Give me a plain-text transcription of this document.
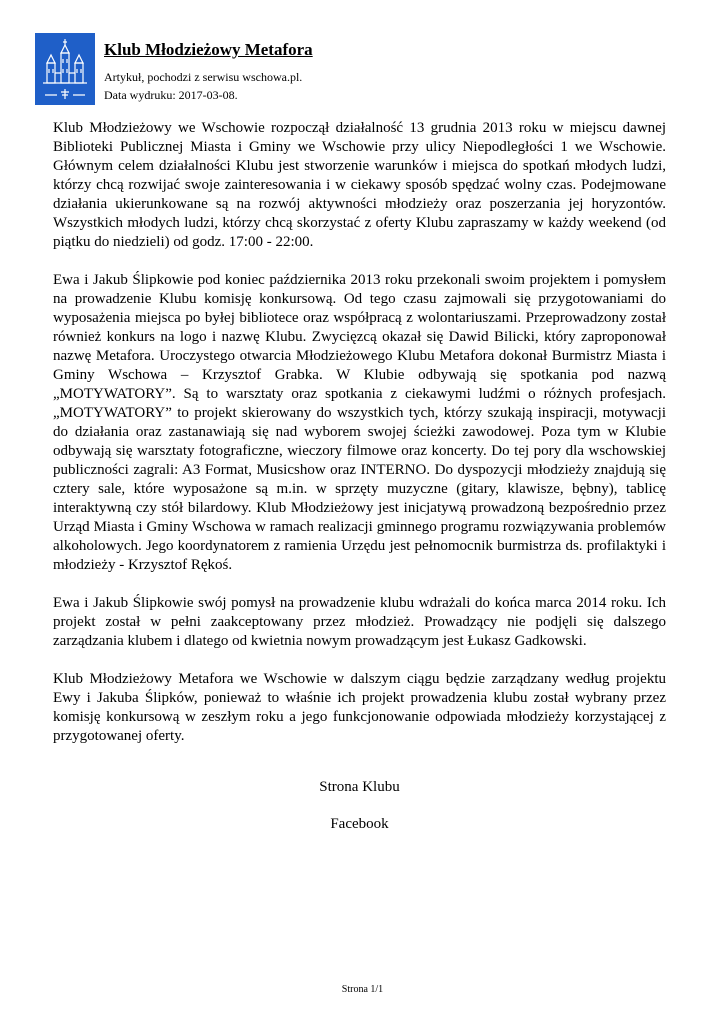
Klub Młodzieżowy Metafora
Artykuł, pochodzi z serwisu wschowa.pl.
Data wydruku: 2017-03-08.

Klub Młodzieżowy we Wschowie rozpoczął działalność 13 grudnia 2013 roku w miejscu dawnej Biblioteki Publicznej Miasta i Gminy we Wschowie przy ulicy Niepodległości 1 we Wschowie. Głównym celem działalności Klubu jest stworzenie warunków i miejsca do spotkań młodych ludzi, którzy chcą rozwijać swoje zainteresowania i w ciekawy sposób spędzać wolny czas. Podejmowane działania ukierunkowane są na rozwój aktywności młodzieży oraz poszerzania jej horyzontów. Wszystkich młodych ludzi, którzy chcą skorzystać z oferty Klubu zapraszamy w każdy weekend (od piątku do niedzieli) od godz. 17:00 - 22:00.

Ewa i Jakub Ślipkowie pod koniec października 2013 roku przekonali swoim projektem i pomysłem na prowadzenie Klubu komisję konkursową. Od tego czasu zajmowali się przygotowaniami do wyposażenia miejsca po byłej bibliotece oraz współpracą z wolontariuszami. Przeprowadzony został również konkurs na logo i nazwę Klubu. Zwycięzcą okazał się Dawid Bilicki, który zaproponował nazwę Metafora. Uroczystego otwarcia Młodzieżowego Klubu Metafora dokonał Burmistrz Miasta i Gminy Wschowa – Krzysztof Grabka. W Klubie odbywają się spotkania pod nazwą „MOTYWATORY”. Są to warsztaty oraz spotkania z ciekawymi ludźmi o różnych profesjach. „MOTYWATORY” to projekt skierowany do wszystkich tych, którzy szukają inspiracji, motywacji do działania oraz zastanawiają się nad wyborem swojej ścieżki zawodowej. Poza tym w Klubie odbywają się warsztaty fotograficzne, wieczory filmowe oraz koncerty. Do tej pory dla wschowskiej publiczności zagrali: A3 Format, Musicshow oraz INTERNO. Do dyspozycji młodzieży znajdują się cztery sale, które wyposażone są m.in. w sprzęty muzyczne (gitary, klawisze, bębny), tablicę interaktywną czy stół bilardowy. Klub Młodzieżowy jest inicjatywą prowadzoną bezpośrednio przez Urząd Miasta i Gminy Wschowa w ramach realizacji gminnego programu rozwiązywania problemów alkoholowych. Jego koordynatorem z ramienia Urzędu jest pełnomocnik burmistrza ds. profilaktyki i młodzieży - Krzysztof Rękoś.

Ewa i Jakub Ślipkowie swój pomysł na prowadzenie klubu wdrażali do końca marca 2014 roku. Ich projekt został w pełni zaakceptowany przez młodzież. Prowadzący nie podjęli się dalszego zarządzania klubem i dlatego od kwietnia nowym prowadzącym jest Łukasz Gadkowski.

Klub Młodzieżowy Metafora we Wschowie w dalszym ciągu będzie zarządzany według projektu Ewy i Jakuba Ślipków, ponieważ to właśnie ich projekt prowadzenia klubu został wybrany przez komisję konkursową w zeszłym roku a jego funkcjonowanie odpowiada młodzieży korzystającej z przygotowanej oferty.

Strona Klubu
Facebook
Strona 1/1
